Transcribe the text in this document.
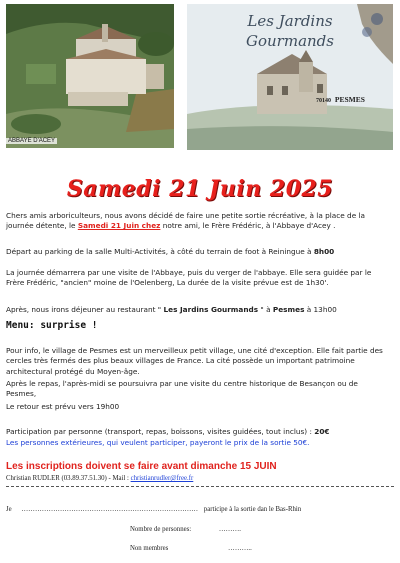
ABBAYE D'ACEY
Les Jardins
Gourmands
70140 PESMES
Samedi 21 Juin 2025
Chers amis arboriculteurs, nous avons décidé de faire une petite sortie récréative, à la place de la journée détente, le Samedi 21 Juin chez notre ami, le Frère Frédéric, à l'Abbaye d'Acey .
Départ au parking de la salle Multi-Activités, à côté du terrain de foot à Reiningue à 8h00
La journée démarrera par une visite de l'Abbaye, puis du verger de l'abbaye. Elle sera guidée par le Frère Frédéric, "ancien" moine de l'Oelenberg, La durée de la visite prévue est de 1h30'.
Après, nous irons déjeuner au restaurant " Les Jardins Gourmands " à Pesmes à 13h00
Menu: surprise !
Pour info, le village de Pesmes est un merveilleux petit village, une cité d'exception. Elle fait partie des cercles très fermés des plus beaux villages de France. La cité possède un important patrimoine architectural protégé du Moyen-âge.
Après le repas, l'après-midi se poursuivra par une visite du centre historique de Besançon ou de Pesmes,
Le retour est prévu vers 19h00
Participation par personne (transport, repas, boissons, visites guidées, tout inclus) : 20€
Les personnes extérieures, qui veulent participer, payeront le prix de la sortie 50€.
Les inscriptions doivent se faire avant dimanche 15 JUIN
Christian RUDLER (03.89.37.51.30) - Mail : christianrudler@free.fr
Je …………………………………………………………………… participe à la sortie dan le Bas-Rhin
Nombre de personnes:	……….
Non membres	………..
